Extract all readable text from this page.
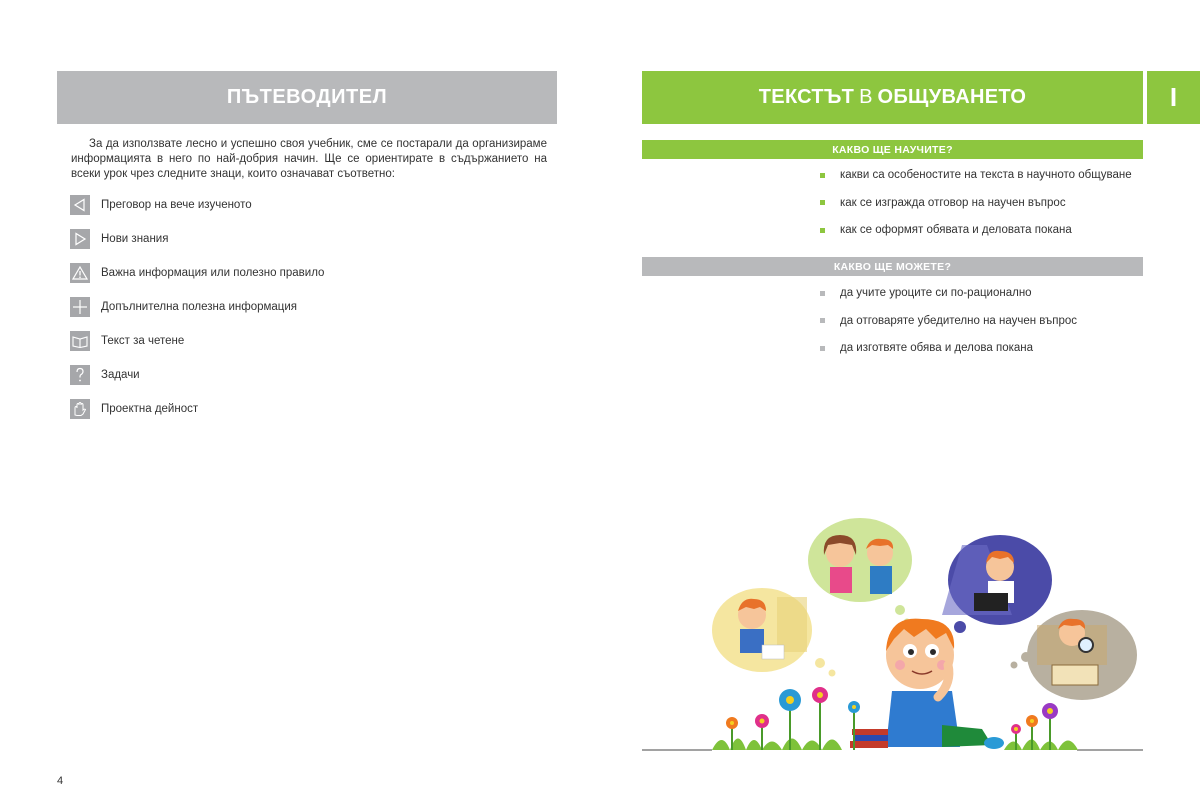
ПЪТЕВОДИТЕЛ

За да използвате лесно и успешно своя учебник, сме се постарали да организираме информацията в него по най-добрия начин. Ще се ориентирате в съдържанието на всеки урок чрез следните знаци, които означават съответно:

Преговор на вече изученото
Нови знания
Важна информация или полезно правило
Допълнителна полезна информация
Текст за четене
Задачи
Проектна дейност
4
ТЕКСТЪТ В ОБЩУВАНЕТО	I
КАКВО ЩЕ НАУЧИТЕ?
какви са особеностите на текста в научното общуване
как се изгражда отговор на научен въпрос
как се оформят обявата и деловата покана
КАКВО ЩЕ МОЖЕТЕ?
да учите уроците си по-рационално
да отговаряте убедително на научен въпрос
да изготвяте обява и делова покана
